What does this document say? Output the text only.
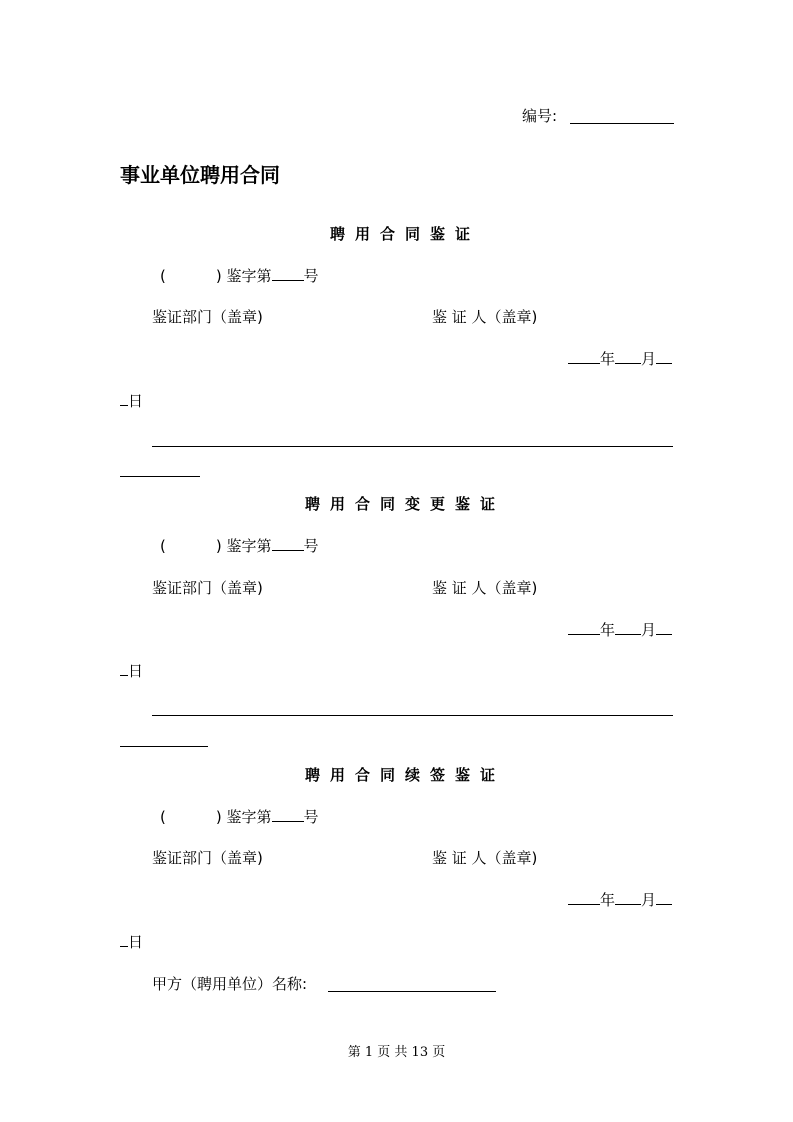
编号:
事业单位聘用合同
聘用合同鉴证
(	) 鉴字第 号
鉴证部门（盖章)	鉴 证 人（盖章)
年 月
日
聘用合同变更鉴证
(	) 鉴字第 号
鉴证部门（盖章)	鉴 证 人（盖章)
年 月
日
聘用合同续签鉴证
(	) 鉴字第 号
鉴证部门（盖章)	鉴 证 人（盖章)
年 月
日
甲方（聘用单位）名称:
第 1 页 共 13 页
